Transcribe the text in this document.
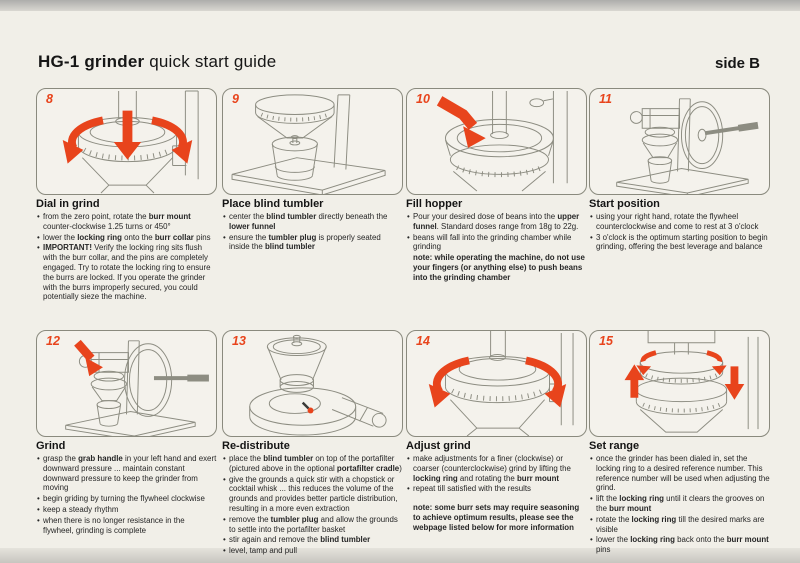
HG-1 grinder quick start guide	side B
8
Dial in grind
• from the zero point, rotate the burr mount counter-clockwise 1.25 turns or 450°
• lower the locking ring onto the burr collar pins
• IMPORTANT! Verify the locking ring sits flush with the burr collar, and the pins are completely engaged. Try to rotate the locking ring to ensure the burrs are locked. If you operate the grinder with the burrs improperly secured, you could potentially sieze the machine.
9
Place blind tumbler
• center the blind tumbler directly beneath the lower funnel
• ensure the tumbler plug is properly seated inside the blind tumbler
10
Fill hopper
• Pour your desired dose of beans into the upper funnel. Standard doses range from 18g to 22g.
• beans will fall into the grinding chamber while grinding
note: while operating the machine, do not use your fingers (or anything else) to push beans into the grinding chamber
11
Start position
• using your right hand, rotate the flywheel counterclockwise and come to rest at 3 o'clock
• 3 o'clock is the optimum starting position to begin grinding, offering the best leverage and balance
12
Grind
• grasp the grab handle in your left hand and exert downward pressure ... maintain constant downward pressure to keep the grinder from moving
• begin griding by turning the flywheel clockwise
• keep a steady rhythm
• when there is no longer resistance in the flywheel, grinding is complete
13
Re-distribute
• place the blind tumbler on top of the portafilter (pictured above in the optional portafilter cradle)
• give the grounds a quick stir with a chopstick or cocktail whisk ... this reduces the volume of the grounds and provides better particle distribution, resulting in a more even extraction
• remove the tumbler plug and allow the grounds to settle into the portafilter basket
• stir again and remove the blind tumbler
• level, tamp and pull
14
Adjust grind
• make adjustments for a finer (clockwise) or coarser (counterclockwise) grind by lifting the locking ring and rotating the burr mount
• repeat till satisfied with the results
note: some burr sets may require seasoning to achieve optimum results, please see the webpage listed below for more information
15
Set range
• once the grinder has been dialed in, set the locking ring to a desired reference number. This reference number will be used when adjusting the grind.
• lift the locking ring until it clears the grooves on the burr mount
• rotate the locking ring till the desired marks are visible
• lower the locking ring back onto the burr mount pins
